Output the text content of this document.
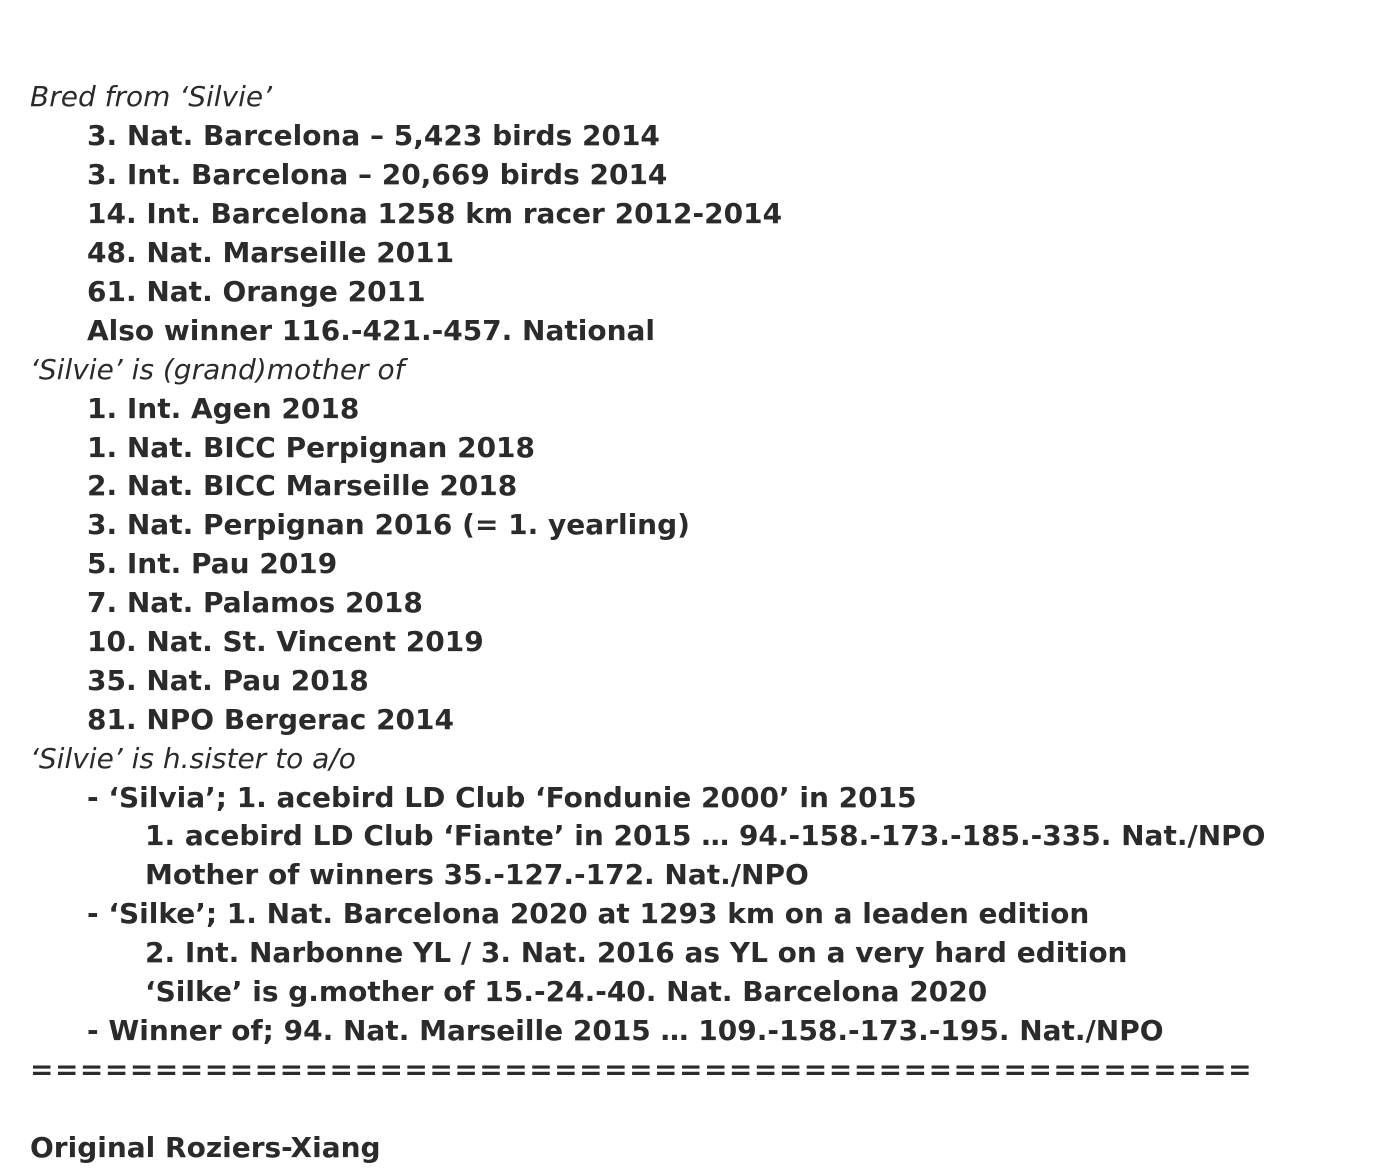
Bred from ‘Silvie’
3. Nat. Barcelona – 5,423 birds 2014
3. Int. Barcelona – 20,669 birds 2014
14. Int. Barcelona 1258 km racer 2012-2014
48. Nat. Marseille 2011
61. Nat. Orange 2011
Also winner 116.-421.-457. National
‘Silvie’ is (grand)mother of
1. Int. Agen 2018
1. Nat. BICC Perpignan 2018
2. Nat. BICC Marseille 2018
3. Nat. Perpignan 2016 (= 1. yearling)
5. Int. Pau 2019
7. Nat. Palamos 2018
10. Nat. St. Vincent 2019
35. Nat. Pau 2018
81. NPO Bergerac 2014
‘Silvie’ is h.sister to a/o
- ‘Silvia’; 1. acebird LD Club ‘Fondunie 2000’ in 2015
1. acebird LD Club ‘Fiante’ in 2015 … 94.-158.-173.-185.-335. Nat./NPO
Mother of winners 35.-127.-172. Nat./NPO
- ‘Silke’; 1. Nat. Barcelona 2020 at 1293 km on a leaden edition
2. Int. Narbonne YL / 3. Nat. 2016 as YL on a very hard edition
‘Silke’ is g.mother of 15.-24.-40. Nat. Barcelona 2020
- Winner of; 94. Nat. Marseille 2015 … 109.-158.-173.-195. Nat./NPO
=================================================
Original Roziers-Xiang
